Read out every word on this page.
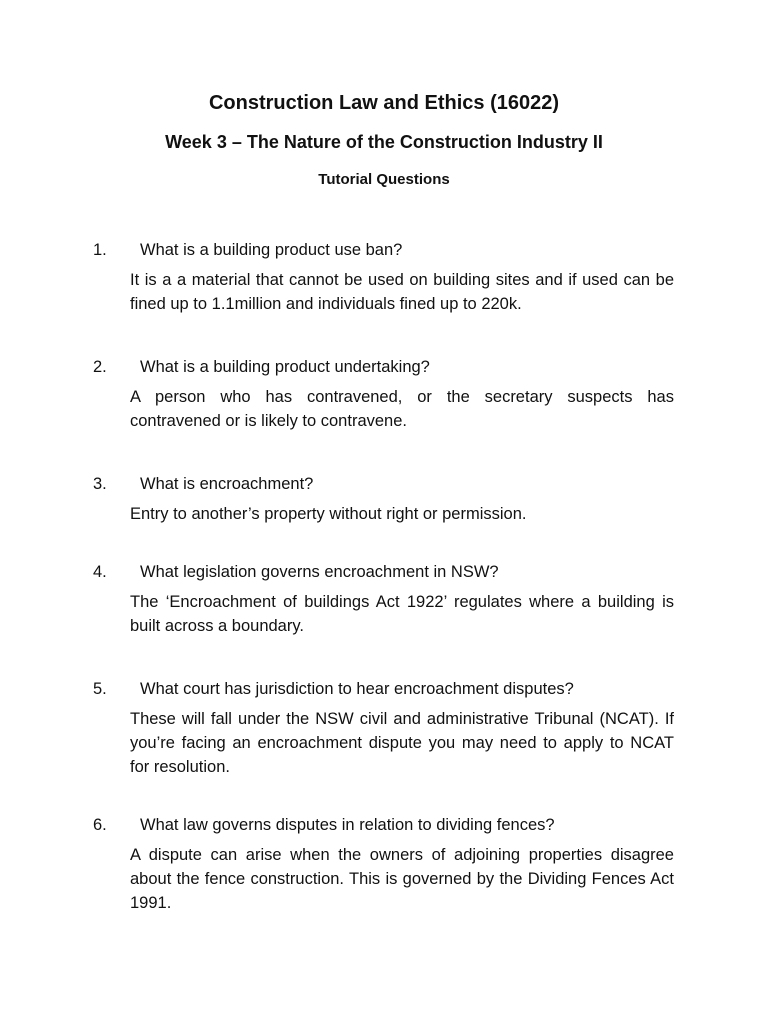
Construction Law and Ethics (16022)
Week 3 – The Nature of the Construction Industry II
Tutorial Questions
1. What is a building product use ban?
It is a a material that cannot be used on building sites and if used can be fined up to 1.1million and individuals fined up to 220k.
2. What is a building product undertaking?
A person who has contravened, or the secretary suspects has contravened or is likely to contravene.
3. What is encroachment?
Entry to another’s property without right or permission.
4. What legislation governs encroachment in NSW?
The ‘Encroachment of buildings Act 1922’ regulates where a building is built across a boundary.
5. What court has jurisdiction to hear encroachment disputes?
These will fall under the NSW civil and administrative Tribunal (NCAT). If you’re facing an encroachment dispute you may need to apply to NCAT for resolution.
6. What law governs disputes in relation to dividing fences?
A dispute can arise when the owners of adjoining properties disagree about the fence construction. This is governed by the Dividing Fences Act 1991.
